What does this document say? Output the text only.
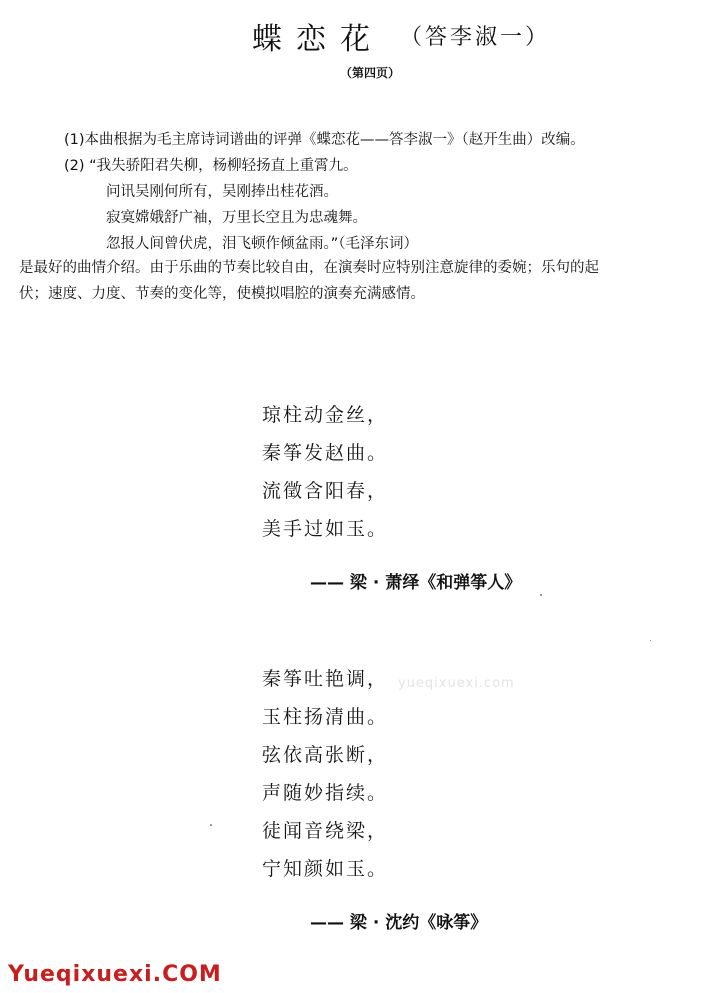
蝶恋花 （答李淑一）
（第四页）
(1)本曲根据为毛主席诗词谱曲的评弹《蝶恋花——答李淑一》（赵开生曲）改编。
(2) “我失骄阳君失柳，杨柳轻扬直上重霄九。
问讯吴刚何所有，吴刚捧出桂花酒。
寂寞嫦娥舒广袖，万里长空且为忠魂舞。
忽报人间曾伏虎，泪飞顿作倾盆雨。”（毛泽东词）
是最好的曲情介绍。由于乐曲的节奏比较自由，在演奏时应特别注意旋律的委婉；乐句的起
伏；速度、力度、节奏的变化等，使模拟唱腔的演奏充满感情。
琼柱动金丝，
秦筝发赵曲。
流徵含阳春，
美手过如玉。
—— 梁 · 萧绎《和弹筝人》
秦筝吐艳调，
玉柱扬清曲。
弦依高张断，
声随妙指续。
徒闻音绕梁，
宁知颜如玉。
—— 梁 · 沈约《咏筝》
yueqixuexi.com
Yueqixuexi.COM
